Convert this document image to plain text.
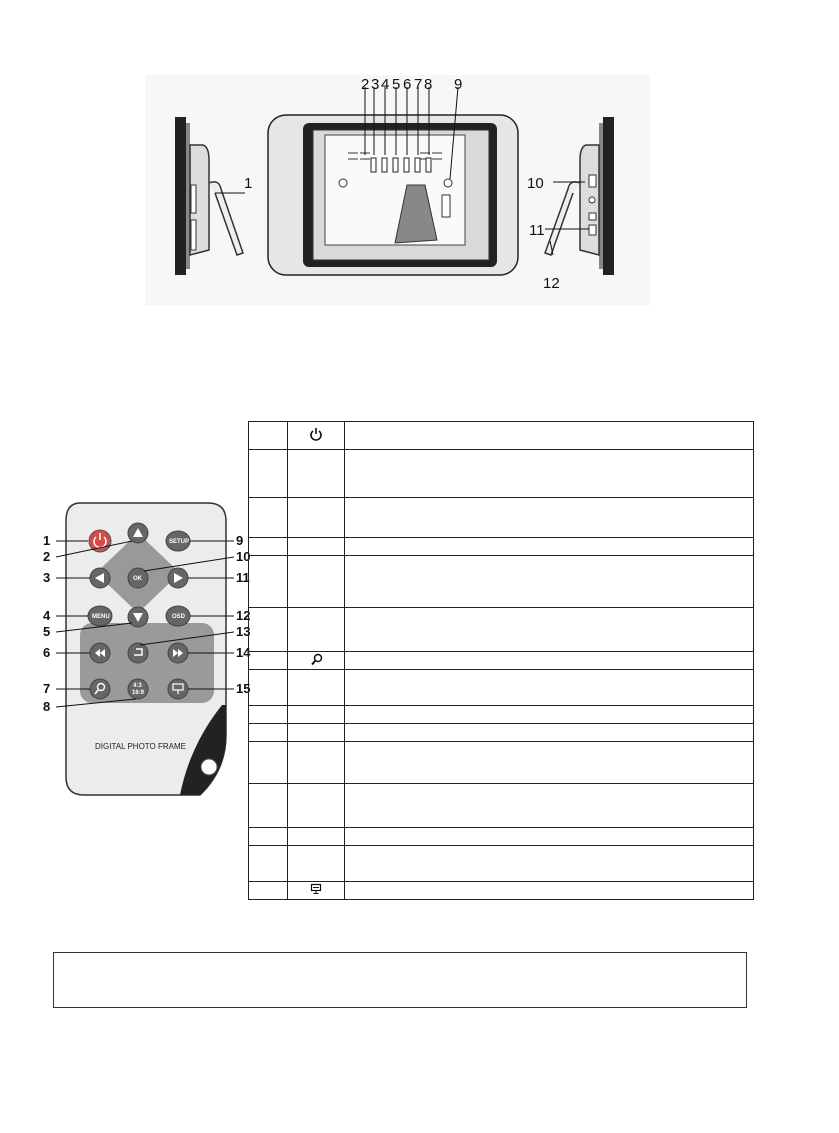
1
2 3 4 5 6 7 8 9
10
11
12
SETUP
OK
MENU	OSD
4:3
16:9
DIGITAL PHOTO FRAME
1
2
3
4
5
6
7
8
9
10
11
12
13
14
15
